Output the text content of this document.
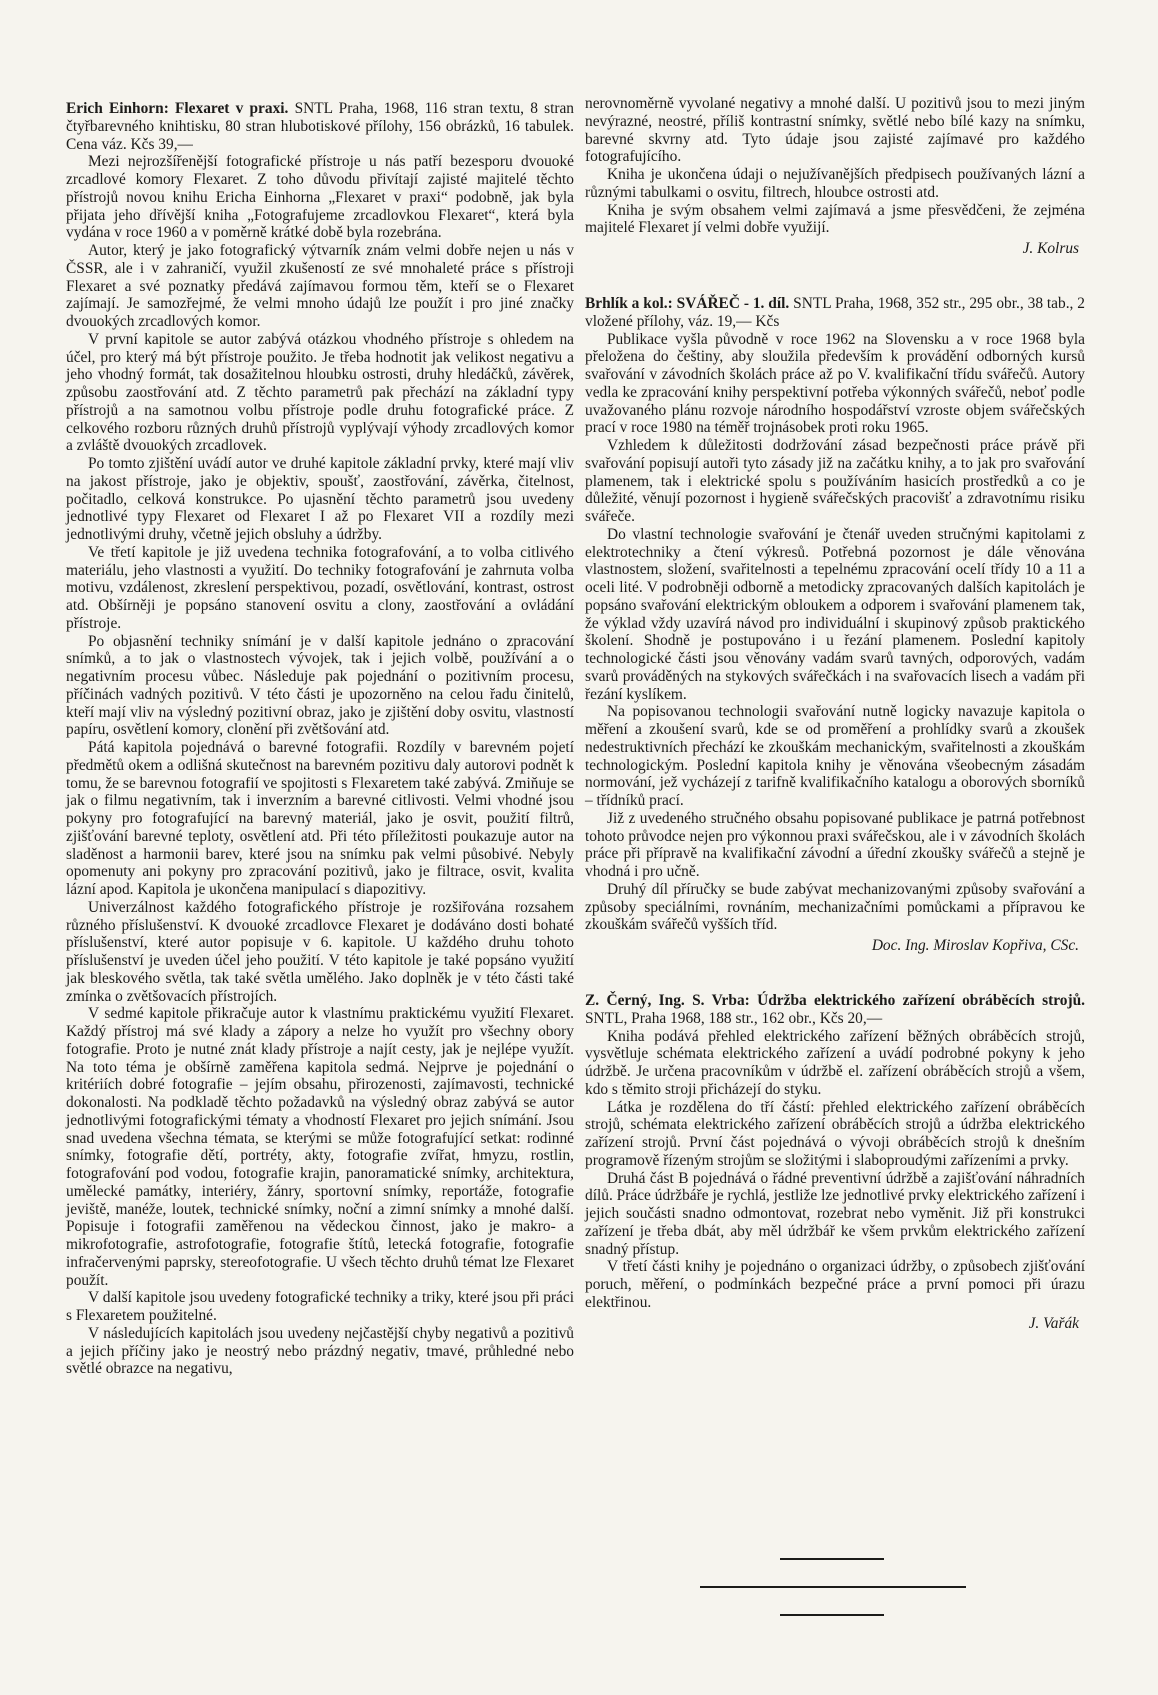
Erich Einhorn: Flexaret v praxi. SNTL Praha, 1968, 116 stran textu, 8 stran čtyřbarevného knihtisku, 80 stran hlubotiskové přílohy, 156 obrázků, 16 tabulek. Cena váz. Kčs 39,—

Mezi nejrozšířenější fotografické přístroje u nás patří bezesporu dvouoké zrcadlové komory Flexaret. Z toho důvodu přivítají zajisté majitelé těchto přístrojů novou knihu Ericha Einhorna „Flexaret v praxi“ podobně, jak byla přijata jeho dřívější kniha „Fotografujeme zrcadlovkou Flexaret“, která byla vydána v roce 1960 a v poměrně krátké době byla rozebrána.

Autor, který je jako fotografický výtvarník znám velmi dobře nejen u nás v ČSSR, ale i v zahraničí, využil zkušeností ze své mnohaleté práce s přístroji Flexaret a své poznatky předává zajímavou formou těm, kteří se o Flexaret zajímají. Je samozřejmé, že velmi mnoho údajů lze použít i pro jiné značky dvouokých zrcadlových komor.

V první kapitole se autor zabývá otázkou vhodného přístroje s ohledem na účel, pro který má být přístroje použito. Je třeba hodnotit jak velikost negativu a jeho vhodný formát, tak dosažitelnou hloubku ostrosti, druhy hledáčků, závěrek, způsobu zaostřování atd. Z těchto parametrů pak přechází na základní typy přístrojů a na samotnou volbu přístroje podle druhu fotografické práce. Z celkového rozboru různých druhů přístrojů vyplývají výhody zrcadlových komor a zvláště dvouokých zrcadlovek.

Po tomto zjištění uvádí autor ve druhé kapitole základní prvky, které mají vliv na jakost přístroje, jako je objektiv, spoušť, zaostřování, závěrka, čitelnost, počitadlo, celková konstrukce. Po ujasnění těchto parametrů jsou uvedeny jednotlivé typy Flexaret od Flexaret I až po Flexaret VII a rozdíly mezi jednotlivými druhy, včetně jejich obsluhy a údržby.

Ve třetí kapitole je již uvedena technika fotografování, a to volba citlivého materiálu, jeho vlastnosti a využití. Do techniky fotografování je zahrnuta volba motivu, vzdálenost, zkreslení perspektivou, pozadí, osvětlování, kontrast, ostrost atd. Obšírněji je popsáno stanovení osvitu a clony, zaostřování a ovládání přístroje.

Po objasnění techniky snímání je v další kapitole jednáno o zpracování snímků, a to jak o vlastnostech vývojek, tak i jejich volbě, používání a o negativním procesu vůbec. Následuje pak pojednání o pozitivním procesu, příčinách vadných pozitivů. V této části je upozorněno na celou řadu činitelů, kteří mají vliv na výsledný pozitivní obraz, jako je zjištění doby osvitu, vlastností papíru, osvětlení komory, clonění při zvětšování atd.

Pátá kapitola pojednává o barevné fotografii. Rozdíly v barevném pojetí předmětů okem a odlišná skutečnost na barevném pozitivu daly autorovi podnět k tomu, že se barevnou fotografií ve spojitosti s Flexaretem také zabývá. Zmiňuje se jak o filmu negativním, tak i inverzním a barevné citlivosti. Velmi vhodné jsou pokyny pro fotografující na barevný materiál, jako je osvit, použití filtrů, zjišťování barevné teploty, osvětlení atd. Při této příležitosti poukazuje autor na sladěnost a harmonii barev, které jsou na snímku pak velmi působivé. Nebyly opomenuty ani pokyny pro zpracování pozitivů, jako je filtrace, osvit, kvalita lázní apod. Kapitola je ukončena manipulací s diapozitivy.

Univerzálnost každého fotografického přístroje je rozšiřována rozsahem různého příslušenství. K dvouoké zrcadlovce Flexaret je dodáváno dosti bohaté příslušenství, které autor popisuje v 6. kapitole. U každého druhu tohoto příslušenství je uveden účel jeho použití. V této kapitole je také popsáno využití jak bleskového světla, tak také světla umělého. Jako doplněk je v této části také zmínka o zvětšovacích přístrojích.

V sedmé kapitole přikračuje autor k vlastnímu praktickému využití Flexaret. Každý přístroj má své klady a zápory a nelze ho využít pro všechny obory fotografie. Proto je nutné znát klady přístroje a najít cesty, jak je nejlépe využít. Na toto téma je obšírně zaměřena kapitola sedmá. Nejprve je pojednání o kritériích dobré fotografie – jejím obsahu, přirozenosti, zajímavosti, technické dokonalosti. Na podkladě těchto požadavků na výsledný obraz zabývá se autor jednotlivými fotografickými tématy a vhodností Flexaret pro jejich snímání. Jsou snad uvedena všechna témata, se kterými se může fotografující setkat: rodinné snímky, fotografie dětí, portréty, akty, fotografie zvířat, hmyzu, rostlin, fotografování pod vodou, fotografie krajin, panoramatické snímky, architektura, umělecké památky, interiéry, žánry, sportovní snímky, reportáže, fotografie jeviště, manéže, loutek, technické snímky, noční a zimní snímky a mnohé další. Popisuje i fotografii zaměřenou na vědeckou činnost, jako je makro- a mikrofotografie, astrofotografie, fotografie štítů, letecká fotografie, fotografie infračervenými paprsky, stereofotografie. U všech těchto druhů témat lze Flexaret použít.

V další kapitole jsou uvedeny fotografické techniky a triky, které jsou při práci s Flexaretem použitelné.

V následujících kapitolách jsou uvedeny nejčastější chyby negativů a pozitivů a jejich příčiny jako je neostrý nebo prázdný negativ, tmavé, průhledné nebo světlé obrazce na negativu,

nerovnoměrně vyvolané negativy a mnohé další. U pozitivů jsou to mezi jiným nevýrazné, neostré, příliš kontrastní snímky, světlé nebo bílé kazy na snímku, barevné skvrny atd. Tyto údaje jsou zajisté zajímavé pro každého fotografujícího.

Kniha je ukončena údaji o nejužívanějších předpisech používaných lázní a různými tabulkami o osvitu, filtrech, hloubce ostrosti atd.

Kniha je svým obsahem velmi zajímavá a jsme přesvědčeni, že zejména majitelé Flexaret jí velmi dobře využijí.

J. Kolrus

Brhlík a kol.: SVÁŘEČ - 1. díl. SNTL Praha, 1968, 352 str., 295 obr., 38 tab., 2 vložené přílohy, váz. 19,— Kčs

Publikace vyšla původně v roce 1962 na Slovensku a v roce 1968 byla přeložena do češtiny, aby sloužila především k provádění odborných kursů svařování v závodních školách práce až po V. kvalifikační třídu svářečů. Autory vedla ke zpracování knihy perspektivní potřeba výkonných svářečů, neboť podle uvažovaného plánu rozvoje národního hospodářství vzroste objem svářečských prací v roce 1980 na téměř trojnásobek proti roku 1965.

Vzhledem k důležitosti dodržování zásad bezpečnosti práce právě při svařování popisují autoři tyto zásady již na začátku knihy, a to jak pro svařování plamenem, tak i elektrické spolu s používáním hasicích prostředků a co je důležité, věnují pozornost i hygieně svářečských pracovišť a zdravotnímu risiku svářeče.

Do vlastní technologie svařování je čtenář uveden stručnými kapitolami z elektrotechniky a čtení výkresů. Potřebná pozornost je dále věnována vlastnostem, složení, svařitelnosti a tepelnému zpracování ocelí třídy 10 a 11 a oceli lité. V podrobněji odborně a metodicky zpracovaných dalších kapitolách je popsáno svařování elektrickým obloukem a odporem i svařování plamenem tak, že výklad vždy uzavírá návod pro individuální i skupinový způsob praktického školení. Shodně je postupováno i u řezání plamenem. Poslední kapitoly technologické části jsou věnovány vadám svarů tavných, odporových, vadám svarů prováděných na stykových svářečkách i na svařovacích lisech a vadám při řezání kyslíkem.

Na popisovanou technologii svařování nutně logicky navazuje kapitola o měření a zkoušení svarů, kde se od proměření a prohlídky svarů a zkoušek nedestruktivních přechází ke zkouškám mechanickým, svařitelnosti a zkouškám technologickým. Poslední kapitola knihy je věnována všeobecným zásadám normování, jež vycházejí z tarifně kvalifikačního katalogu a oborových sborníků – třídníků prací.

Již z uvedeného stručného obsahu popisované publikace je patrná potřebnost tohoto průvodce nejen pro výkonnou praxi svářečskou, ale i v závodních školách práce při přípravě na kvalifikační závodní a úřední zkoušky svářečů a stejně je vhodná i pro učně.

Druhý díl příručky se bude zabývat mechanizovanými způsoby svařování a způsoby speciálními, rovnáním, mechanizačními pomůckami a přípravou ke zkouškám svářečů vyšších tříd.

Doc. Ing. Miroslav Kopřiva, CSc.

Z. Černý, Ing. S. Vrba: Údržba elektrického zařízení obráběcích strojů. SNTL, Praha 1968, 188 str., 162 obr., Kčs 20,—

Kniha podává přehled elektrického zařízení běžných obráběcích strojů, vysvětluje schémata elektrického zařízení a uvádí podrobné pokyny k jeho údržbě. Je určena pracovníkům v údržbě el. zařízení obráběcích strojů a všem, kdo s těmito stroji přicházejí do styku.

Látka je rozdělena do tří částí: přehled elektrického zařízení obráběcích strojů, schémata elektrického zařízení obráběcích strojů a údržba elektrického zařízení strojů. První část pojednává o vývoji obráběcích strojů k dnešním programově řízeným strojům se složitými i slaboproudými zařízeními a prvky.

Druhá část B pojednává o řádné preventivní údržbě a zajišťování náhradních dílů. Práce údržbáře je rychlá, jestliže lze jednotlivé prvky elektrického zařízení i jejich součásti snadno odmontovat, rozebrat nebo vyměnit. Již při konstrukci zařízení je třeba dbát, aby měl údržbář ke všem prvkům elektrického zařízení snadný přístup.

V třetí části knihy je pojednáno o organizaci údržby, o způsobech zjišťování poruch, měření, o podmínkách bezpečné práce a první pomoci při úrazu elektřinou.

J. Vařák
